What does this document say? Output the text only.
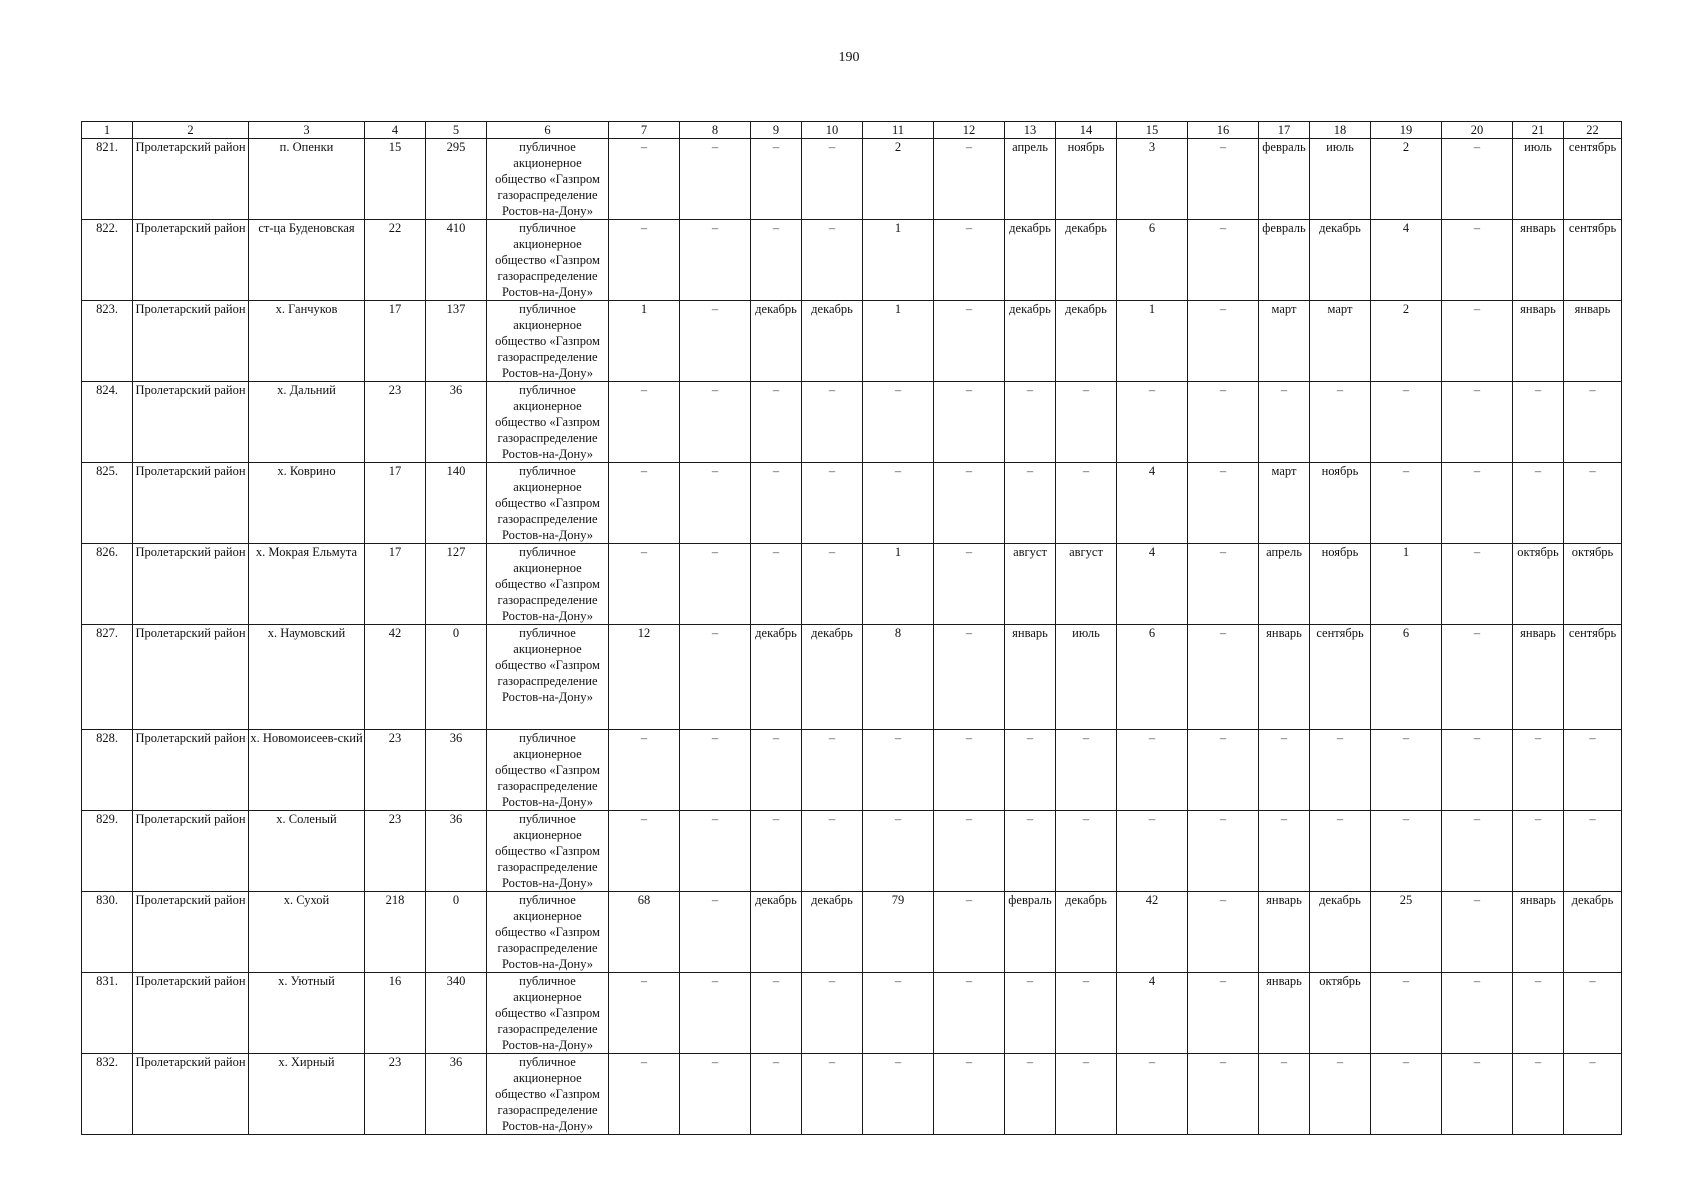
190
1	2	3	4	5	6	7	8	9	10	11	12	13	14	15	16	17	18	19	20	21	22
821.	Пролетарский район	п. Опенки	15	295	публичное акционерное общество «Газпром газораспределение Ростов-на-Дону»	–	–	–	–	2	–	апрель	ноябрь	3	–	февраль	июль	2	–	июль	сентябрь
822.	Пролетарский район	ст-ца Буденовская	22	410	публичное акционерное общество «Газпром газораспределение Ростов-на-Дону»	–	–	–	–	1	–	декабрь	декабрь	6	–	февраль	декабрь	4	–	январь	сентябрь
823.	Пролетарский район	х. Ганчуков	17	137	публичное акционерное общество «Газпром газораспределение Ростов-на-Дону»	1	–	декабрь	декабрь	1	–	декабрь	декабрь	1	–	март	март	2	–	январь	январь
824.	Пролетарский район	х. Дальний	23	36	публичное акционерное общество «Газпром газораспределение Ростов-на-Дону»	–	–	–	–	–	–	–	–	–	–	–	–	–	–	–	–
825.	Пролетарский район	х. Коврино	17	140	публичное акционерное общество «Газпром газораспределение Ростов-на-Дону»	–	–	–	–	–	–	–	–	4	–	март	ноябрь	–	–	–	–
826.	Пролетарский район	х. Мокрая Ельмута	17	127	публичное акционерное общество «Газпром газораспределение Ростов-на-Дону»	–	–	–	–	1	–	август	август	4	–	апрель	ноябрь	1	–	октябрь	октябрь
827.	Пролетарский район	х. Наумовский	42	0	публичное акционерное общество «Газпром газораспределение Ростов-на-Дону»	12	–	декабрь	декабрь	8	–	январь	июль	6	–	январь	сентябрь	6	–	январь	сентябрь
828.	Пролетарский район	х. Новомоисеев-ский	23	36	публичное акционерное общество «Газпром газораспределение Ростов-на-Дону»	–	–	–	–	–	–	–	–	–	–	–	–	–	–	–	–
829.	Пролетарский район	х. Соленый	23	36	публичное акционерное общество «Газпром газораспределение Ростов-на-Дону»	–	–	–	–	–	–	–	–	–	–	–	–	–	–	–	–
830.	Пролетарский район	х. Сухой	218	0	публичное акционерное общество «Газпром газораспределение Ростов-на-Дону»	68	–	декабрь	декабрь	79	–	февраль	декабрь	42	–	январь	декабрь	25	–	январь	декабрь
831.	Пролетарский район	х. Уютный	16	340	публичное акционерное общество «Газпром газораспределение Ростов-на-Дону»	–	–	–	–	–	–	–	–	4	–	январь	октябрь	–	–	–	–
832.	Пролетарский район	х. Хирный	23	36	публичное акционерное общество «Газпром газораспределение Ростов-на-Дону»	–	–	–	–	–	–	–	–	–	–	–	–	–	–	–	–
